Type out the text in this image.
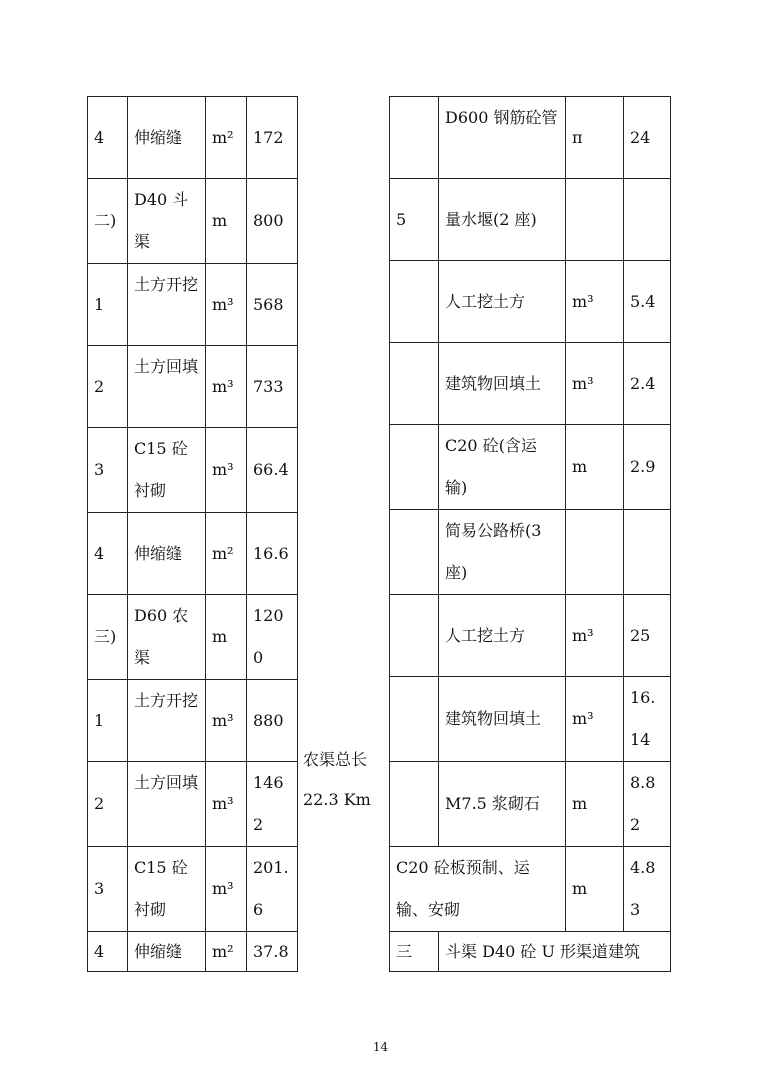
4	伸缩缝	m²	172
二)	D40 斗渠	m	800
1	土方开挖	m³	568
2	土方回填	m³	733
3	C15 砼衬砌	m³	66.4
4	伸缩缝	m²	16.6
三)	D60 农渠	m	1200
1	土方开挖	m³	880
2	土方回填	m³	1462
3	C15 砼衬砌	m³	201.6
4	伸缩缝	m²	37.8
农渠总长
22.3 Km
	D600 钢筋砼管	π	24
5	量水堰(2 座)		
	人工挖土方	m³	5.4
	建筑物回填土	m³	2.4
	C20 砼(含运输)	m	2.9
	简易公路桥(3 座)		
	人工挖土方	m³	25
	建筑物回填土	m³	16.14
	M7.5 浆砌石	m	8.82
C20 砼板预制、运输、安砌		m	4.83
三	斗渠 D40 砼 U 形渠道建筑		
14
